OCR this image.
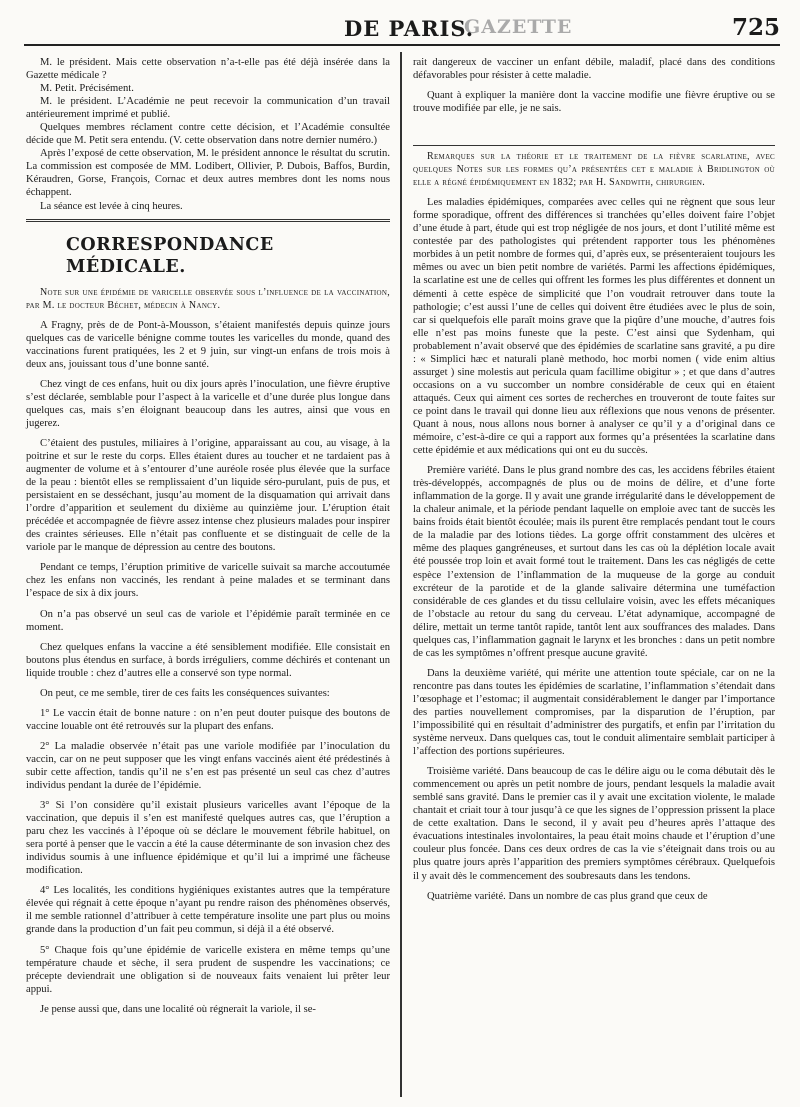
GAZETTE
DE PARIS.	725

M. le président. Mais cette observation n’a-t-elle pas été déjà insérée dans la Gazette médicale ?

M. Petit. Précisément.

M. le président. L’Académie ne peut recevoir la communication d’un travail antérieurement imprimé et publié.

Quelques membres réclament contre cette décision, et l’Académie consultée décide que M. Petit sera entendu. (V. cette observation dans notre dernier numéro.)

Après l’exposé de cette observation, M. le président annonce le résultat du scrutin. La commission est composée de MM. Lodibert, Ollivier, P. Dubois, Baffos, Burdin, Kéraudren, Gorse, François, Cornac et deux autres membres dont les noms nous échappent.

La séance est levée à cinq heures.

CORRESPONDANCE MÉDICALE.

Note sur une épidémie de varicelle observée sous l’influence de la vaccination, par M. le docteur Béchet, médecin à Nancy.

A Fragny, près de de Pont-à-Mousson, s’étaient manifestés depuis quinze jours quelques cas de varicelle bénigne comme toutes les varicelles du monde, quand des vaccinations furent pratiquées, les 2 et 9 juin, sur vingt-un enfans de trois mois à deux ans, jouissant tous d’une bonne santé.

Chez vingt de ces enfans, huit ou dix jours après l’inoculation, une fièvre éruptive s’est déclarée, semblable pour l’aspect à la varicelle et d’une durée plus longue dans quelques cas, mais s’en éloignant beaucoup dans les autres, ainsi que vous en jugerez.

C’étaient des pustules, miliaires à l’origine, apparaissant au cou, au visage, à la poitrine et sur le reste du corps. Elles étaient dures au toucher et ne tardaient pas à augmenter de volume et à s’entourer d’une auréole rosée plus élevée que la surface de la peau : bientôt elles se remplissaient d’un liquide séro-purulant, puis de pus, et persistaient en se desséchant, jusqu’au moment de la disquamation qui arrivait dans l’ordre d’apparition et seulement du dixième au quinzième jour. L’éruption était précédée et accompagnée de fièvre assez intense chez plusieurs malades pour inspirer des craintes sérieuses. Elle n’était pas confluente et se distinguait de celle de la variole par le manque de dépression au centre des boutons.

Pendant ce temps, l’éruption primitive de varicelle suivait sa marche accoutumée chez les enfans non vaccinés, les rendant à peine malades et se terminant dans l’espace de six à dix jours.

On n’a pas observé un seul cas de variole et l’épidémie paraît terminée en ce moment.

Chez quelques enfans la vaccine a été sensiblement modifiée. Elle consistait en boutons plus étendus en surface, à bords irréguliers, comme déchirés et contenant un liquide trouble : chez d’autres elle a conservé son type normal.

On peut, ce me semble, tirer de ces faits les conséquences suivantes:

1° Le vaccin était de bonne nature : on n’en peut douter puisque des boutons de vaccine louable ont été retrouvés sur la plupart des enfans.

2° La maladie observée n’était pas une variole modifiée par l’inoculation du vaccin, car on ne peut supposer que les vingt enfans vaccinés aient été prédestinés à subir cette affection, tandis qu’il ne s’en est pas présenté un seul cas chez d’autres individus pendant la durée de l’épidémie.

3° Si l’on considère qu’il existait plusieurs varicelles avant l’époque de la vaccination, que depuis il s’en est manifesté quelques autres cas, que l’éruption a paru chez les vaccinés à l’époque où se déclare le mouvement fébrile habituel, on sera porté à penser que le vaccin a été la cause déterminante de son invasion chez des individus soumis à une influence épidémique et qu’il lui a imprimé une fâcheuse modification.

4° Les localités, les conditions hygiéniques existantes autres que la température élevée qui régnait à cette époque n’ayant pu rendre raison des phénomènes observés, il me semble rationnel d’attribuer à cette température insolite une part plus ou moins grande dans la production d’un fait peu commun, si déjà il a été observé.

5° Chaque fois qu’une épidémie de varicelle existera en même temps qu’une température chaude et sèche, il sera prudent de suspendre les vaccinations; ce précepte deviendrait une obligation si de nouveaux faits venaient lui prêter leur appui.

Je pense aussi que, dans une localité où régnerait la variole, il se-

rait dangereux de vacciner un enfant débile, maladif, placé dans des conditions défavorables pour résister à cette maladie.

Quant à expliquer la manière dont la vaccine modifie une fièvre éruptive ou se trouve modifiée par elle, je ne sais.

Remarques sur la théorie et le traitement de la fièvre scarlatine, avec quelques Notes sur les formes qu’a présentées cet e maladie à Bridlington où elle a régné épidémiquement en 1832; par H. Sandwith, chirurgien.

Les maladies épidémiques, comparées avec celles qui ne règnent que sous leur forme sporadique, offrent des différences si tranchées qu’elles doivent faire l’objet d’une étude à part, étude qui est trop négligée de nos jours, et dont l’utilité même est contestée par des pathologistes qui prétendent rapporter tous les phénomènes morbides à un petit nombre de formes qui, d’après eux, se présenteraient toujours les mêmes ou avec un bien petit nombre de variétés. Parmi les affections épidémiques, la scarlatine est une de celles qui offrent les formes les plus différentes et donnent un démenti à cette espèce de simplicité que l’on voudrait retrouver dans toute la pathologie; c’est aussi l’une de celles qui doivent être étudiées avec le plus de soin, car si quelquefois elle paraît moins grave que la piqûre d’une mouche, d’autres fois elle n’est pas moins funeste que la peste. C’est ainsi que Sydenham, qui probablement n’avait observé que des épidémies de scarlatine sans gravité, a pu dire : « Simplici hæc et naturali planè methodo, hoc morbi nomen ( vide enim altius assurget ) sine molestis aut pericula quam facillime obigitur » ; et que dans d’autres occasions on a vu succomber un nombre considérable de ceux qui en étaient attaqués. Ceux qui aiment ces sortes de recherches en trouveront de toute faites sur ce point dans le travail qui donne lieu aux réflexions que nous venons de présenter. Quant à nous, nous allons nous borner à analyser ce qu’il y a d’original dans ce mémoire, c’est-à-dire ce qui a rapport aux formes qu’a présentées la scarlatine dans cette épidémie et aux médications qui ont eu du succès.

Première variété. Dans le plus grand nombre des cas, les accidens fébriles étaient très-développés, accompagnés de plus ou de moins de délire, et d’une forte inflammation de la gorge. Il y avait une grande irrégularité dans le développement de la chaleur animale, et la période pendant laquelle on emploie avec tant de succès les bains froids était bientôt écoulée; mais ils purent être remplacés pendant tout le cours de la maladie par des lotions tièdes. La gorge offrit constamment des ulcères et même des plaques gangréneuses, et surtout dans les cas où la déplétion locale avait été poussée trop loin et avait formé tout le traitement. Dans les cas négligés de cette espèce l’extension de l’inflammation de la muqueuse de la gorge au conduit excréteur de la parotide et de la glande salivaire détermina une tuméfaction considérable de ces glandes et du tissu cellulaire voisin, avec les effets mécaniques de l’obstacle au retour du sang du cerveau. L’état adynamique, accompagné de délire, mettait un terme tantôt rapide, tantôt lent aux souffrances des malades. Dans quelques cas, l’inflammation gagnait le larynx et les bronches : dans un petit nombre de cas les symptômes n’offrent presque aucune gravité.

Dans la deuxième variété, qui mérite une attention toute spéciale, car on ne la rencontre pas dans toutes les épidémies de scarlatine, l’inflammation s’étendait dans l’œsophage et l’estomac; il augmentait considérablement le danger par l’importance des parties nouvellement compromises, par la disparution de l’éruption, par l’impossibilité qui en résultait d’administrer des purgatifs, et enfin par l’irritation du système nerveux. Dans quelques cas, tout le conduit alimentaire semblait participer à l’affection des portions supérieures.

Troisième variété. Dans beaucoup de cas le délire aigu ou le coma débutait dès le commencement ou après un petit nombre de jours, pendant lesquels la maladie avait semblé sans gravité. Dans le premier cas il y avait une excitation violente, le malade chantait et criait tour à tour jusqu’à ce que les signes de l’oppression prissent la place de cette exaltation. Dans le second, il y avait peu d’heures après l’attaque des évacuations intestinales involontaires, la peau était moins chaude et l’éruption d’une couleur plus foncée. Dans ces deux ordres de cas la vie s’éteignait dans trois ou au plus quatre jours après l’apparition des premiers symptômes cérébraux. Quelquefois il y avait dès le commencement des soubresauts dans les tendons.

Quatrième variété. Dans un nombre de cas plus grand que ceux de
